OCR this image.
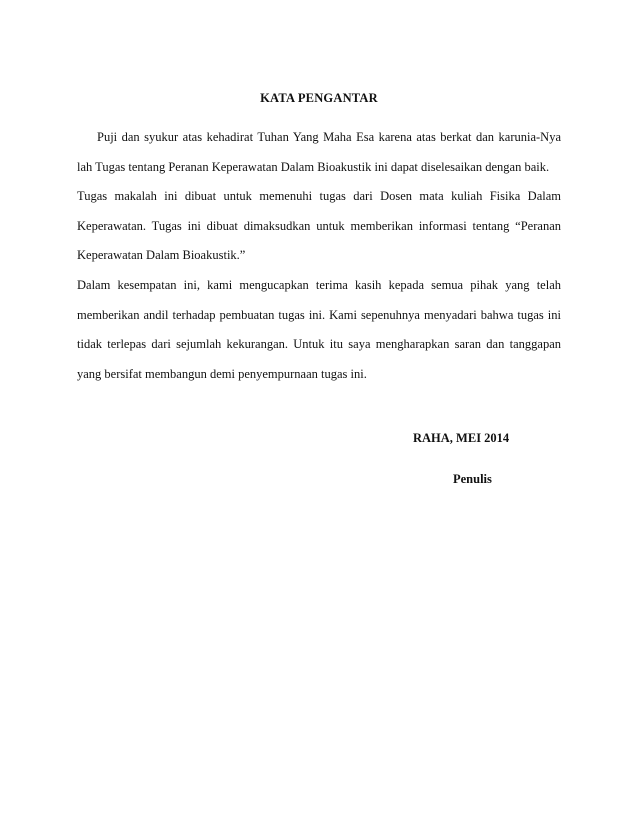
KATA PENGANTAR

Puji dan syukur atas kehadirat Tuhan Yang Maha Esa karena atas berkat dan karunia-Nya lah Tugas tentang Peranan Keperawatan Dalam Bioakustik ini dapat diselesaikan dengan baik.

Tugas makalah ini dibuat untuk memenuhi tugas dari Dosen mata kuliah Fisika Dalam Keperawatan. Tugas ini dibuat dimaksudkan untuk memberikan informasi tentang “Peranan Keperawatan Dalam Bioakustik.”

Dalam kesempatan ini, kami mengucapkan terima kasih kepada semua pihak yang telah memberikan andil terhadap pembuatan tugas ini. Kami sepenuhnya menyadari bahwa tugas ini tidak terlepas dari sejumlah kekurangan. Untuk itu saya mengharapkan saran dan tanggapan yang bersifat membangun demi penyempurnaan tugas ini.

RAHA, MEI 2014
Penulis
